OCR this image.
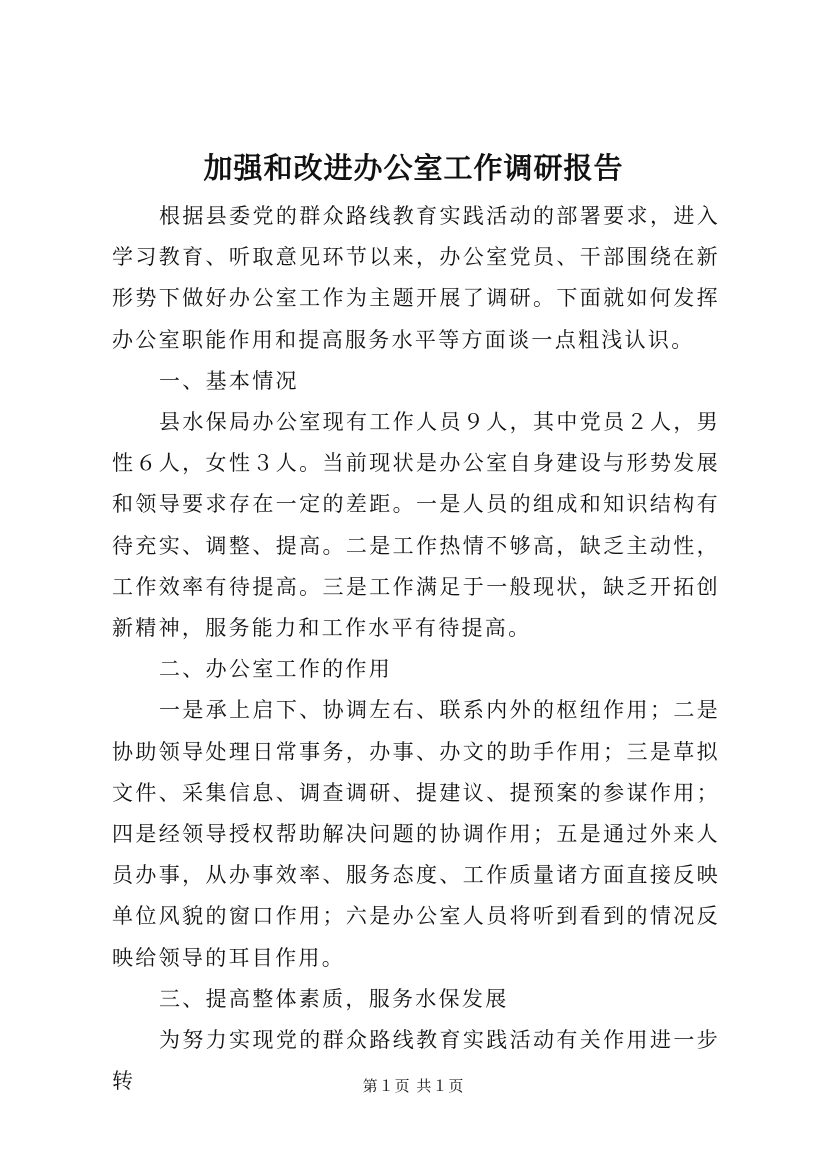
加强和改进办公室工作调研报告

根据县委党的群众路线教育实践活动的部署要求，进入学习教育、听取意见环节以来，办公室党员、干部围绕在新形势下做好办公室工作为主题开展了调研。下面就如何发挥办公室职能作用和提高服务水平等方面谈一点粗浅认识。

一、基本情况

县水保局办公室现有工作人员９人，其中党员２人，男性６人，女性３人。当前现状是办公室自身建设与形势发展和领导要求存在一定的差距。一是人员的组成和知识结构有待充实、调整、提高。二是工作热情不够高，缺乏主动性，工作效率有待提高。三是工作满足于一般现状，缺乏开拓创新精神，服务能力和工作水平有待提高。

二、办公室工作的作用

一是承上启下、协调左右、联系内外的枢纽作用；二是协助领导处理日常事务，办事、办文的助手作用；三是草拟文件、采集信息、调查调研、提建议、提预案的参谋作用；四是经领导授权帮助解决问题的协调作用；五是通过外来人员办事，从办事效率、服务态度、工作质量诸方面直接反映单位风貌的窗口作用；六是办公室人员将听到看到的情况反映给领导的耳目作用。

三、提高整体素质，服务水保发展

为努力实现党的群众路线教育实践活动有关作用进一步转	第１页 共１页
